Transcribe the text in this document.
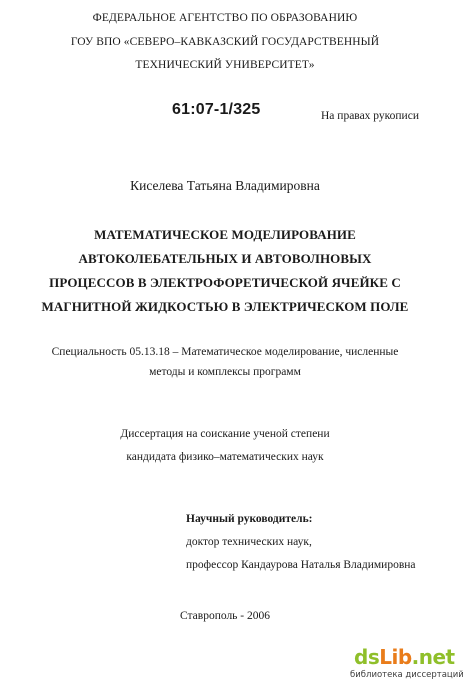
ФЕДЕРАЛЬНОЕ АГЕНТСТВО ПО ОБРАЗОВАНИЮ
ГОУ ВПО «СЕВЕРО–КАВКАЗСКИЙ ГОСУДАРСТВЕННЫЙ
ТЕХНИЧЕСКИЙ УНИВЕРСИТЕТ»
61:07-1/325	На правах рукописи
Киселева Татьяна Владимировна
МАТЕМАТИЧЕСКОЕ МОДЕЛИРОВАНИЕ
АВТОКОЛЕБАТЕЛЬНЫХ И АВТОВОЛНОВЫХ
ПРОЦЕССОВ В ЭЛЕКТРОФОРЕТИЧЕСКОЙ ЯЧЕЙКЕ С
МАГНИТНОЙ ЖИДКОСТЬЮ В ЭЛЕКТРИЧЕСКОМ ПОЛЕ
Специальность 05.13.18 – Математическое моделирование, численные
методы и комплексы программ
Диссертация на соискание ученой степени
кандидата физико–математических наук
Научный руководитель:
доктор технических наук,
профессор Кандаурова Наталья Владимировна
Ставрополь - 2006
dsLib.net
библиотека диссертаций
